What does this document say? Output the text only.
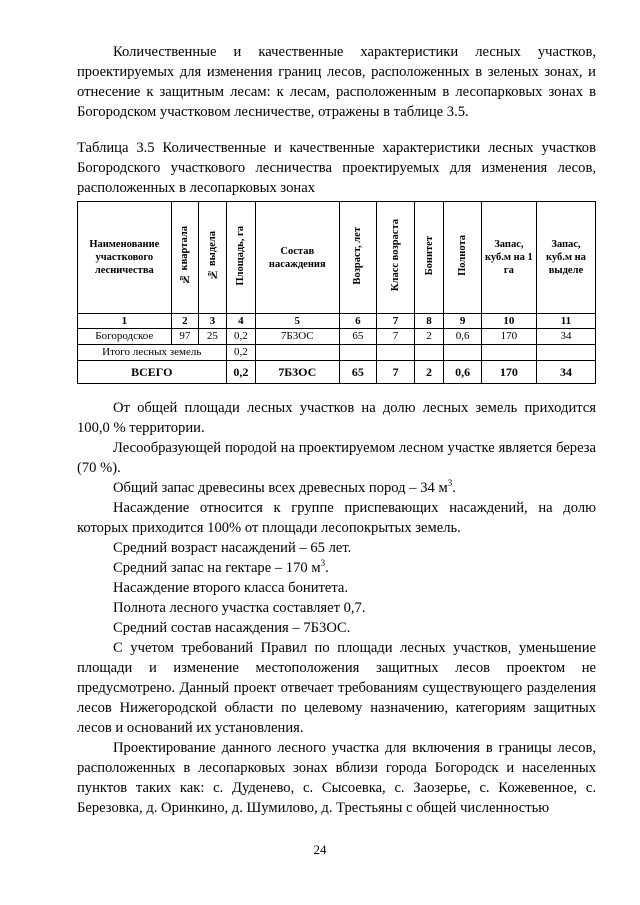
Количественные и качественные характеристики лесных участков, проектируемых для изменения границ лесов, расположенных в зеленых зонах, и отнесение к защитным лесам: к лесам, расположенным в лесопарковых зонах в Богородском участковом лесничестве, отражены в таблице 3.5.

Таблица 3.5 Количественные и качественные характеристики лесных участков Богородского участкового лесничества проектируемых для изменения лесов, расположенных в лесопарковых зонах

Наименование участкового лесничества	№ квартала	№ выдела	Площадь, га	Состав насаждения	Возраст, лет	Класс возраста	Бонитет	Полнота	Запас, куб.м на 1 га	Запас, куб.м на выделе
1	2	3	4	5	6	7	8	9	10	11
Богородское	97	25	0,2	7Б3ОС	65	7	2	0,6	170	34
Итого лесных земель			0,2							
ВСЕГО			0,2	7Б3ОС	65	7	2	0,6	170	34

От общей площади лесных участков на долю лесных земель приходится 100,0 % территории.

Лесообразующей породой на проектируемом лесном участке является береза (70 %).

Общий запас древесины всех древесных пород – 34 $м^3$.

Насаждение относится к группе приспевающих насаждений, на долю которых приходится 100% от площади лесопокрытых земель.

Средний возраст насаждений – 65 лет.

Средний запас на гектаре – 170 $м^3$.

Насаждение второго класса бонитета.

Полнота лесного участка составляет 0,7.

Средний состав насаждения – 7Б3ОС.

С учетом требований Правил по площади лесных участков, уменьшение площади и изменение местоположения защитных лесов проектом не предусмотрено. Данный проект отвечает требованиям существующего разделения лесов Нижегородской области по целевому назначению, категориям защитных лесов и оснований их установления.

Проектирование данного лесного участка для включения в границы лесов, расположенных в лесопарковых зонах вблизи города Богородск и населенных пунктов таких как: с. Дуденево, с. Сысоевка, с. Заозерье, с. Кожевенное, с. Березовка, д. Оринкино, д. Шумилово, д. Трестьяны с общей численностью

24
